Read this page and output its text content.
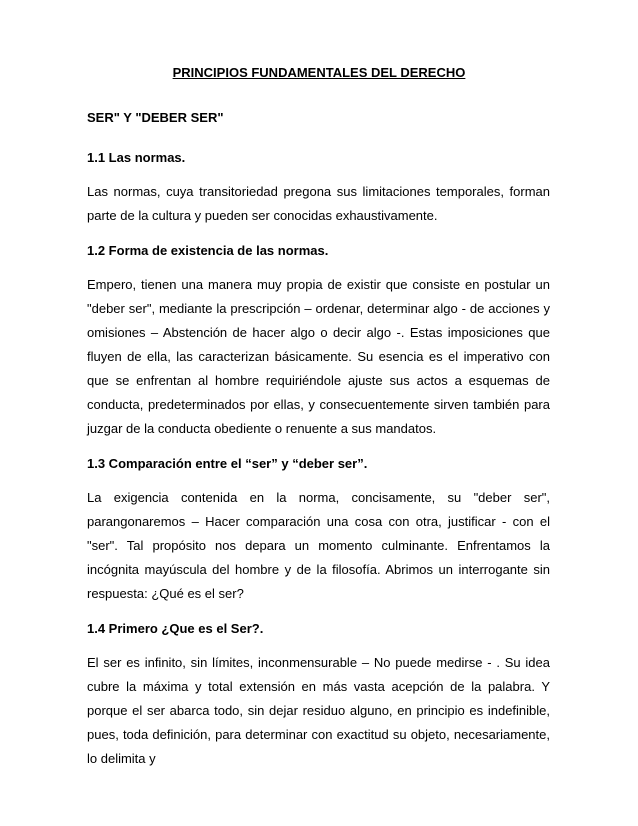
PRINCIPIOS FUNDAMENTALES DEL DERECHO
SER" Y "DEBER SER"
1.1 Las normas.

Las normas, cuya transitoriedad pregona sus limitaciones temporales, forman parte de la cultura y pueden ser conocidas exhaustivamente.

1.2 Forma de existencia de las normas.

Empero, tienen una manera muy propia de existir que consiste en postular un "deber ser", mediante la prescripción – ordenar, determinar algo - de acciones y omisiones – Abstención de hacer algo o decir algo -. Estas imposiciones que fluyen de ella, las caracterizan básicamente. Su esencia es el imperativo con que se enfrentan al hombre requiriéndole ajuste sus actos a esquemas de conducta, predeterminados por ellas, y consecuentemente sirven también para juzgar de la conducta obediente o renuente a sus mandatos.

1.3 Comparación entre el “ser” y “deber ser”.

La exigencia contenida en la norma, concisamente, su "deber ser", parangonaremos – Hacer comparación una cosa con otra, justificar - con el "ser". Tal propósito nos depara un momento culminante. Enfrentamos la incógnita mayúscula del hombre y de la filosofía. Abrimos un interrogante sin respuesta: ¿Qué es el ser?

1.4 Primero ¿Que es el Ser?.

El ser es infinito, sin límites, inconmensurable – No puede medirse - . Su idea cubre la máxima y total extensión en más vasta acepción de la palabra. Y porque el ser abarca todo, sin dejar residuo alguno, en principio es indefinible, pues, toda definición, para determinar con exactitud su objeto, necesariamente, lo delimita y
